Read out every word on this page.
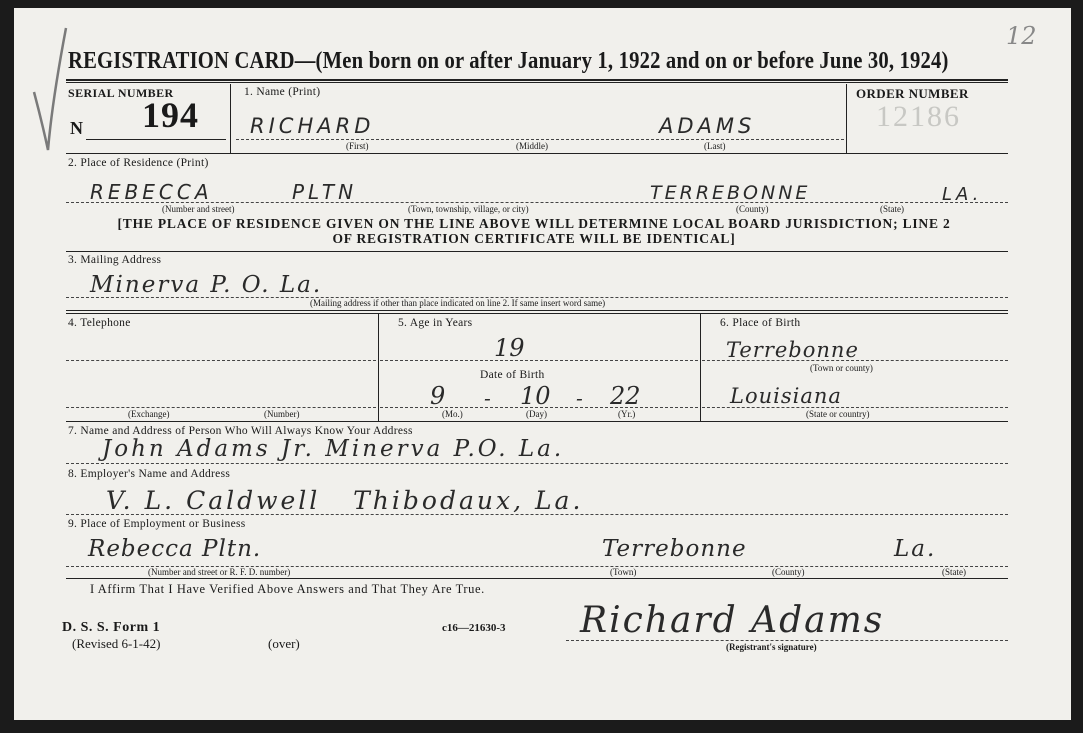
12
REGISTRATION CARD—(Men born on or after January 1, 1922 and on or before June 30, 1924)
SERIAL NUMBER
N 194
1. Name (Print)
RICHARD	ADAMS
(First)	(Middle)	(Last)
ORDER NUMBER
12186
2. Place of Residence (Print)
REBECCA	PLTN	TERREBONNE	LA.
(Number and street)	(Town, township, village, or city)	(County)	(State)
[THE PLACE OF RESIDENCE GIVEN ON THE LINE ABOVE WILL DETERMINE LOCAL BOARD JURISDICTION; LINE 2 OF REGISTRATION CERTIFICATE WILL BE IDENTICAL]
3. Mailing Address
Minerva P. O. La.
(Mailing address if other than place indicated on line 2. If same insert word same)
4. Telephone
(Exchange)	(Number)
5. Age in Years
19
Date of Birth
9 - 10 - 22
(Mo.)	(Day)	(Yr.)
6. Place of Birth
Terrebonne
(Town or county)
Louisiana
(State or country)
7. Name and Address of Person Who Will Always Know Your Address
John Adams Jr. Minerva P.O. La.
8. Employer's Name and Address
V. L. Caldwell   Thibodaux, La.
9. Place of Employment or Business
Rebecca Pltn.	Terrebonne	La.
(Number and street or R. F. D. number)	(Town)	(County)	(State)
I Affirm That I Have Verified Above Answers and That They Are True.
D. S. S. Form 1
(Revised 6-1-42)	(over)
c16—21630-3 Richard Adams
(Registrant's signature)
